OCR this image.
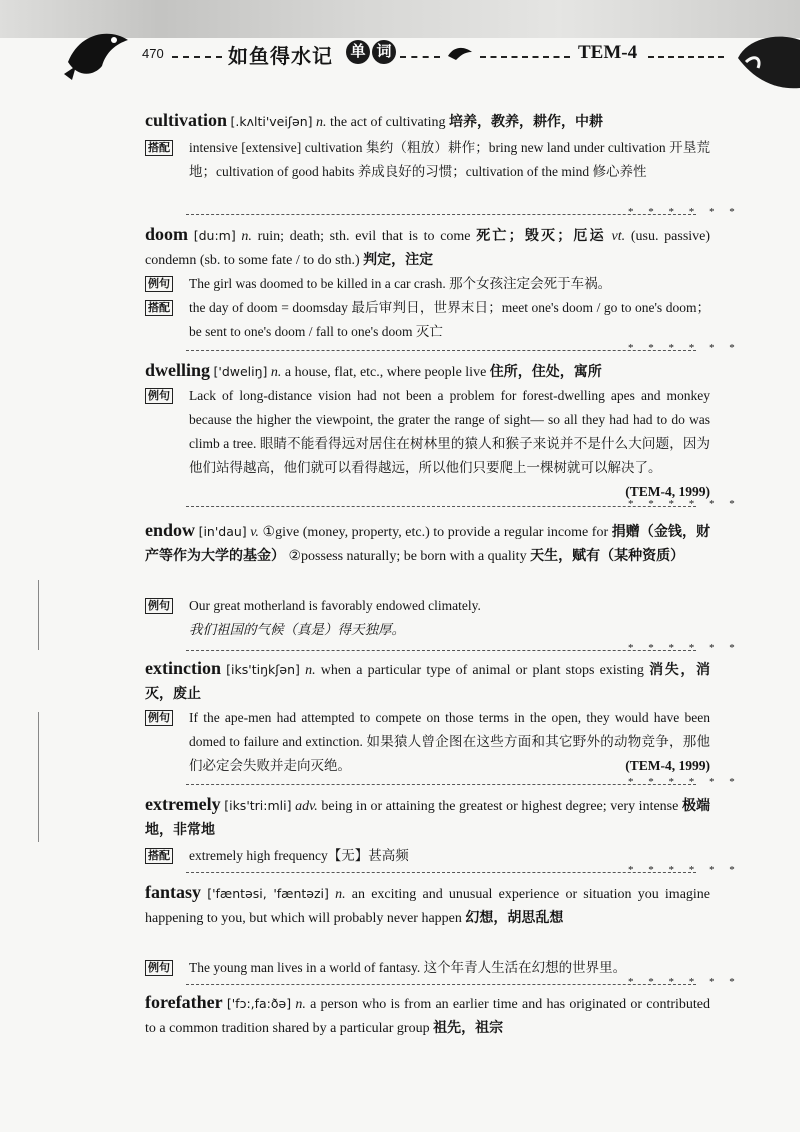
470	如鱼得水记 单 词	TEM-4
cultivation [.kʌlti'veiʃən] n. the act of cultivating 培养，教养，耕作，中耕
搭配 intensive [extensive] cultivation 集约（粗放）耕作；bring new land under cultivation 开垦荒地；cultivation of good habits 养成良好的习惯；cultivation of the mind 修心养性
* * * * * *
doom [du:m] n. ruin; death; sth. evil that is to come 死亡；毁灭；厄运 vt. (usu. passive) condemn (sb. to some fate / to do sth.) 判定，注定
例句 The girl was doomed to be killed in a car crash. 那个女孩注定会死于车祸。
搭配 the day of doom = doomsday 最后审判日，世界末日；meet one's doom / go to one's doom；be sent to one's doom / fall to one's doom 灭亡
* * * * * *
dwelling ['dweliŋ] n. a house, flat, etc., where people live 住所，住处，寓所
例句 Lack of long-distance vision had not been a problem for forest-dwelling apes and monkey because the higher the viewpoint, the grater the range of sight— so all they had had to do was climb a tree. 眼睛不能看得远对居住在树林里的猿人和猴子来说并不是什么大问题，因为他们站得越高，他们就可以看得越远，所以他们只要爬上一棵树就可以解决了。
(TEM-4, 1999)
* * * * * *
endow [in'dau] v. ①give (money, property, etc.) to provide a regular income for 捐赠（金钱，财产等作为大学的基金） ②possess naturally; be born with a quality 天生，赋有（某种资质）
例句 Our great motherland is favorably endowed climately.
我们祖国的气候（真是）得天独厚。
* * * * * *
extinction [iks'tiŋkʃən] n. when a particular type of animal or plant stops existing 消失，消灭，废止
例句 If the ape-men had attempted to compete on those terms in the open, they would have been domed to failure and extinction. 如果猿人曾企图在这些方面和其它野外的动物竞争，那他们必定会失败并走向灭绝。	(TEM-4, 1999)
* * * * * *
extremely [iks'tri:mli] adv. being in or attaining the greatest or highest degree; very intense 极端地，非常地
搭配 extremely high frequency【无】甚高频
* * * * * *
fantasy ['fæntəsi, 'fæntəzi] n. an exciting and unusual experience or situation you imagine happening to you, but which will probably never happen 幻想，胡思乱想
例句 The young man lives in a world of fantasy. 这个年青人生活在幻想的世界里。
* * * * * *
forefather ['fɔ:,fa:ðə] n. a person who is from an earlier time and has originated or contributed to a common tradition shared by a particular group 祖先，祖宗
